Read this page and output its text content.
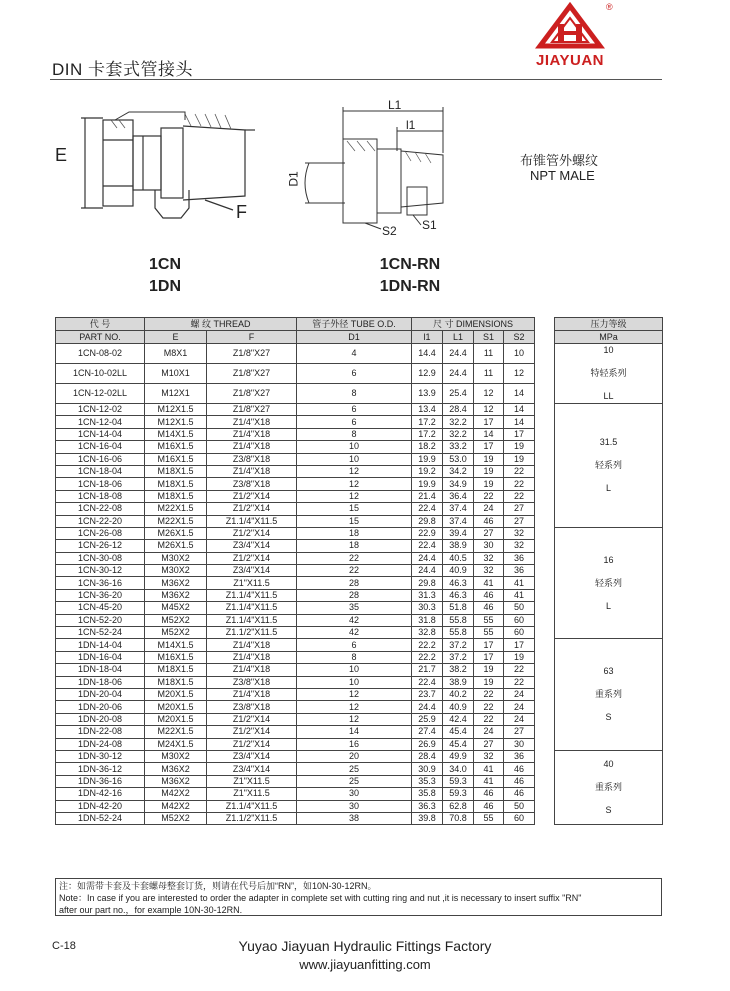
DIN 卡套式管接头
®
JIAYUAN
E
F
1CN
1DN
L1
l1
D1
S1
S2
1CN-RN
1DN-RN
布锥管外螺纹
NPT MALE
代 号	螺 纹 THREAD		管子外径 TUBE O.D.	尺 寸 DIMENSIONS					压力等级
PART NO.	E	F	D1	l1	L1	S1	S2		MPa
1CN-08-02	M8X1	Z1/8"X27	4	14.4	24.4	11	10		10
特轻系列
LL

1CN-10-02LL	M10X1	Z1/8"X27	6	12.9	24.4	11	12		
1CN-12-02LL	M12X1	Z1/8"X27	8	13.9	25.4	12	14		
1CN-12-02	M12X1.5	Z1/8"X27	6	13.4	28.4	12	14		31.5
轻系列
L

1CN-12-04	M12X1.5	Z1/4"X18	6	17.2	32.2	17	14		
1CN-14-04	M14X1.5	Z1/4"X18	8	17.2	32.2	14	17		
1CN-16-04	M16X1.5	Z1/4"X18	10	18.2	33.2	17	19		
1CN-16-06	M16X1.5	Z3/8"X18	10	19.9	53.0	19	19		
1CN-18-04	M18X1.5	Z1/4"X18	12	19.2	34.2	19	22		
1CN-18-06	M18X1.5	Z3/8"X18	12	19.9	34.9	19	22		
1CN-18-08	M18X1.5	Z1/2"X14	12	21.4	36.4	22	22		
1CN-22-08	M22X1.5	Z1/2"X14	15	22.4	37.4	24	27		
1CN-22-20	M22X1.5	Z1.1/4"X11.5	15	29.8	37.4	46	27		
1CN-26-08	M26X1.5	Z1/2"X14	18	22.9	39.4	27	32		16
轻系列
L

1CN-26-12	M26X1.5	Z3/4"X14	18	22.4	38.9	30	32		
1CN-30-08	M30X2	Z1/2"X14	22	24.4	40.5	32	36		
1CN-30-12	M30X2	Z3/4"X14	22	24.4	40.9	32	36		
1CN-36-16	M36X2	Z1"X11.5	28	29.8	46.3	41	41		
1CN-36-20	M36X2	Z1.1/4"X11.5	28	31.3	46.3	46	41		
1CN-45-20	M45X2	Z1.1/4"X11.5	35	30.3	51.8	46	50		
1CN-52-20	M52X2	Z1.1/4"X11.5	42	31.8	55.8	55	60		
1CN-52-24	M52X2	Z1.1/2"X11.5	42	32.8	55.8	55	60		
1DN-14-04	M14X1.5	Z1/4"X18	6	22.2	37.2	17	17		63
重系列
S

1DN-16-04	M16X1.5	Z1/4"X18	8	22.2	37.2	17	19		
1DN-18-04	M18X1.5	Z1/4"X18	10	21.7	38.2	19	22		
1DN-18-06	M18X1.5	Z3/8"X18	10	22.4	38.9	19	22		
1DN-20-04	M20X1.5	Z1/4"X18	12	23.7	40.2	22	24		
1DN-20-06	M20X1.5	Z3/8"X18	12	24.4	40.9	22	24		
1DN-20-08	M20X1.5	Z1/2"X14	12	25.9	42.4	22	24		
1DN-22-08	M22X1.5	Z1/2"X14	14	27.4	45.4	24	27		
1DN-24-08	M24X1.5	Z1/2"X14	16	26.9	45.4	27	30		
1DN-30-12	M30X2	Z3/4"X14	20	28.4	49.9	32	36		40
重系列
S

1DN-36-12	M36X2	Z3/4"X14	25	30.9	34.0	41	46		
1DN-36-16	M36X2	Z1"X11.5	25	35.3	59.3	41	46		
1DN-42-16	M42X2	Z1"X11.5	30	35.8	59.3	46	46		
1DN-42-20	M42X2	Z1.1/4"X11.5	30	36.3	62.8	46	50		
1DN-52-24	M52X2	Z1.1/2"X11.5	38	39.8	70.8	55	60		
注：如需带卡套及卡套螺母整套订货，则请在代号后加“RN”，如10N-30-12RN。
Note：In case if you are interested to order the adapter in complete set with cutting ring and nut ,it is necessary to insert suffix "RN"
after our part no.，for example 10N-30-12RN.
C-18	Yuyao Jiayuan Hydraulic Fittings Factory
www.jiayuanfitting.com
